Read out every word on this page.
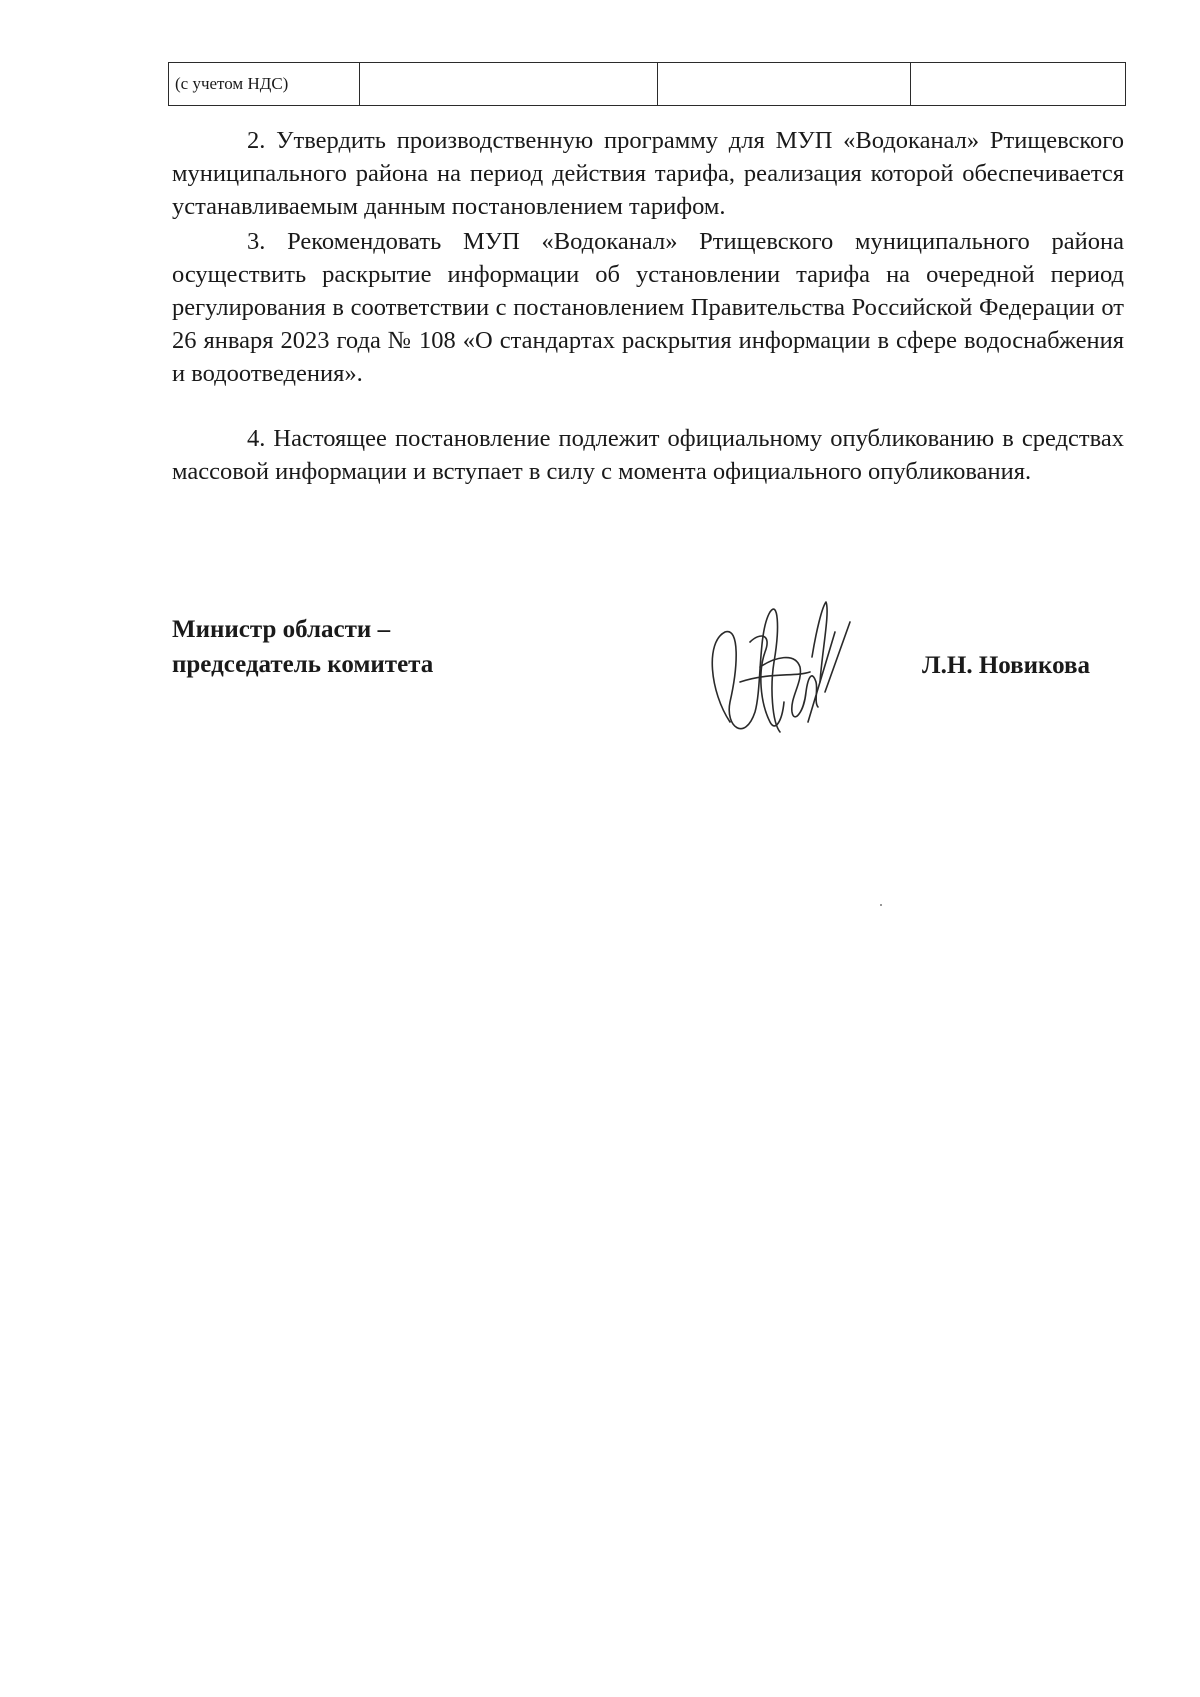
(с учетом НДС)			

2. Утвердить производственную программу для МУП «Водоканал» Ртищевского муниципального района на период действия тарифа, реализация которой обеспечивается устанавливаемым данным постановлением тарифом.

3. Рекомендовать МУП «Водоканал» Ртищевского муниципального района осуществить раскрытие информации об установлении тарифа на очередной период регулирования в соответствии с постановлением Правительства Российской Федерации от 26 января 2023 года № 108 «О стандартах раскрытия информации в сфере водоснабжения и водоотведения».

4. Настоящее постановление подлежит официальному опубликованию в средствах массовой информации и вступает в силу с момента официального опубликования.

Министр области –
председатель комитета	Л.Н. Новикова
